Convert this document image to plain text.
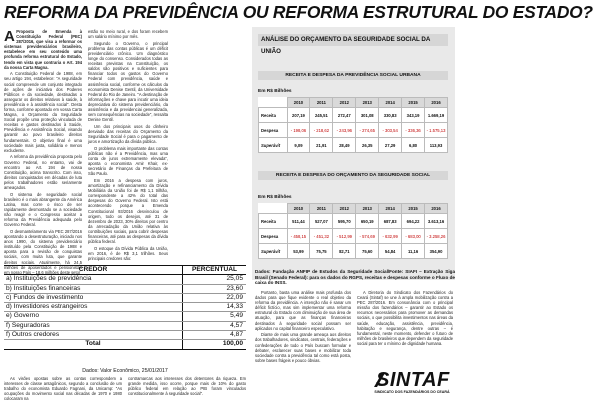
REFORMA DA PREVIDÊNCIA OU REFORMA ESTRUTURAL DO ESTADO?

A Proposta de Emenda à Constituição Federal (PEC) 287/2016, que visa a reformar os sistemas previdenciários brasileiro, estabelece em seu conteúdo uma profunda reforma estrutural do Estado, tendo em vista que contraria o Art. 194 da nossa Carta Magna.

A Constituição Federal de 1988, em seu artigo 194, estabelece: "A seguridade social compreende um conjunto integrado de ações de iniciativa dos Poderes Públicos e da sociedade, destinadas a assegurar os direitos relativos à saúde, à previdência e à assistência social". Desta forma, conforme apontado em vossa Carta Magna, o Orçamento da Seguridade Social propõe uma proteção vinculada de receitas e gastos destinados à Saúde, Previdência e Assistência Social, visando garantir ao povo brasileiro direitos fundamentais. O objetivo final é uma sociedade mais justa, solidária e menos excludente.

A reforma da previdência proposta pelo Governo Federal, no entanto, vai de encontro ao Art. 194 de nossa Constituição, acima transcrito. Com isso, direitos conquistados em décadas de luta pelos trabalhadores estão seriamente ameaçados.

O sistema de seguridade social brasileiro é o mais abrangente da América Latina, mas corre o risco de ser rapidamente desmontado se a sociedade não reagir e o Congresso aceitar a reforma da Previdência adequada pelo Governo Federal.

O desmantelamento via PEC 287/2016 apontando a desestruturação, iniciado nos anos 1990, do sistema previdenciário instituído pela Constituição de 1988 e aponta para a revisão de conquistas sociais, com muita luta, que garante direitos sociais. Atualmente, há 24,5 milhões de aposentados e pensionistas em nosso País – 18,6 milhões deste setor

estão no meio rural, e dos foram recebem um salário mínimo por mês.

Segundo o Governo, o principal problema das contas públicas é um déficit previdenciário crônico. Um diagnóstico longe do consenso. Considerados todas as receitas previstas na Constituição, os saldos são positivos e suficientes para financiar todos os gastos do Governo Federal com previdência, saúde e assistência social, conforme os cálculos da economista Denise Gentil, da Universidade Federal do Rio de Janeiro. "A destinação de informações e chave para incutir uma ideia depreciativa do sistema previdenciário, da assistência e da previdenciai generalizada, sem consequências na sociedade", ressalta Denise Gentil.

Um dos principais usos do dinheiro desviado das receitas do Orçamento da Seguridade Social é para o pagamento de juros e amortização da dívida pública.

O problema mais importante das contas públicas não é a Previdência, mas uma conta de juros extremamente elevada", aponta o economista Amir Khair, ex-secretário de Finanças da Prefeitura de São Paulo.

Em 2016 a despesa com juros, amortização e refinanciamento da Dívida Mobiliária da União foi de R$ 1,1 trilhão, correspondente a 42% do total das despesas do Governo Federal. Isto está acontecendo porque a Emenda Constitucional 93/2016 desvinculou de origem, todo os desejos, até 31 de dezembro de 2023, 30% direitos por centro da arrecadação da União relativa às contribuições sociais, para cobrir despesas financeiras, até para as despesas da dívida pública federal.

O estoque da Dívida Pública da União, em 2016, é de R$ 3,1 trilhões. Seus principais credores são:

CREDOR	PERCENTUAL
a) Instituições de previdência	25,05
b) Instituições financeiras	23,60
c) Fundos de investimento	22,09
d) Investidores estrangeiros	14,33
e) Governo	5,49
f) Seguradoras	4,57
f) Outros credores	4,87
Total	100,00
Dados: Valor Econômico, 25/01/2017

As visões opostas sobre as contas correspondem a interesses de classe antagônicos, segundo a conclusão de um trabalho do economista Eduardo Fagnani, da Unicamp: "As ocupações do movimento social nas décadas de 1970 e 1980 colocaram na

contramarcas aos interesses dos detentores da riqueza. Em grande medida, isso ocorre, porque mais de 10% do gasto público federal em relação ao PIB foram vinculados constitucionalmente à seguridade social".

ANÁLISE DO ORÇAMENTO DA SEGURIDADE SOCIAL DA UNIÃO
RECEITA E DESPESA DA PREVIDÊNCIA SOCIAL URBANA
Em R$ Bilhões
	2010	2011	2012	2013	2014	2015	2016
Receita	207,19	245,51	272,47	301,08	330,83	343,19	1.669,19
Despesa	- 198,06	- 218,62	- 243,96	- 274,65	- 303,54	- 336,36	- 1.575,13
Superávit	9,09	21,91	28,49	26,35	27,29	6,80	113,93
RECEITA E DESPESA DO ORÇAMENTO DA SEGURIDADE SOCIAL
Em R$ Bilhões
	2010	2011	2012	2013	2014	2015	2016
Receita	511,44	527,07	595,70	650,19	687,83	694,22	3.613,16
Despesa	- 458,15	- 451,32	- 512,99	- 574,69	- 632,99	- 683,00	- 3.258,26
Superávit	53,99	75,75	82,71	75,60	54,84	11,16	354,90
Dados: Fundação ANFIP de Estudos da Seguridade Social/Fonte: SIAFI – Extração Siga Brasil (Senado Federal): para os dados do RGPS, receitas e despesas conforme o Fluxo de caixa do INSS.

Portanto, basta uma análise mais profunda dos dados para que fique evidente o real objetivo da reforma da previdência. A intenção não é sanar um déficit fictício, mas sim implementar uma reforma estrutural do Estado com diminuição de sua área de atuação, para que as finanças financeiras destinados à seguridade social possam ser aplicados no capital financeiro especulativo.

Diante de mais uma grande ameaça aos direitos dos trabalhadores, sindicatos, centrais, federações e confederações de todo o País buscam formular e debater, esclarecer suas bases e mobilizar toda sociedade contra a previdência tal como está posta, sobre bases frágeis e pouco óbvias.

A Diretoria do Sindicato dos Fazendários do Ceará (Sintaf) se une à ampla mobilização contra a PEC 287/2016. Em consonância com o principal missão dos fazendários – garantir ao Estado os recursos necessários para promover as demandas sociais, o que possibilita investimentos nas áreas da saúde, educação, assistência, previdência, habitação e segurança, dentre outras – é fundamental, neste momento, defender o futuro de milhões de brasileiros que dependem da seguridade social para ter o mínimo de dignidade humana.

SINTAF
SINDICATO DOS FAZENDÁRIOS DO CEARÁ
